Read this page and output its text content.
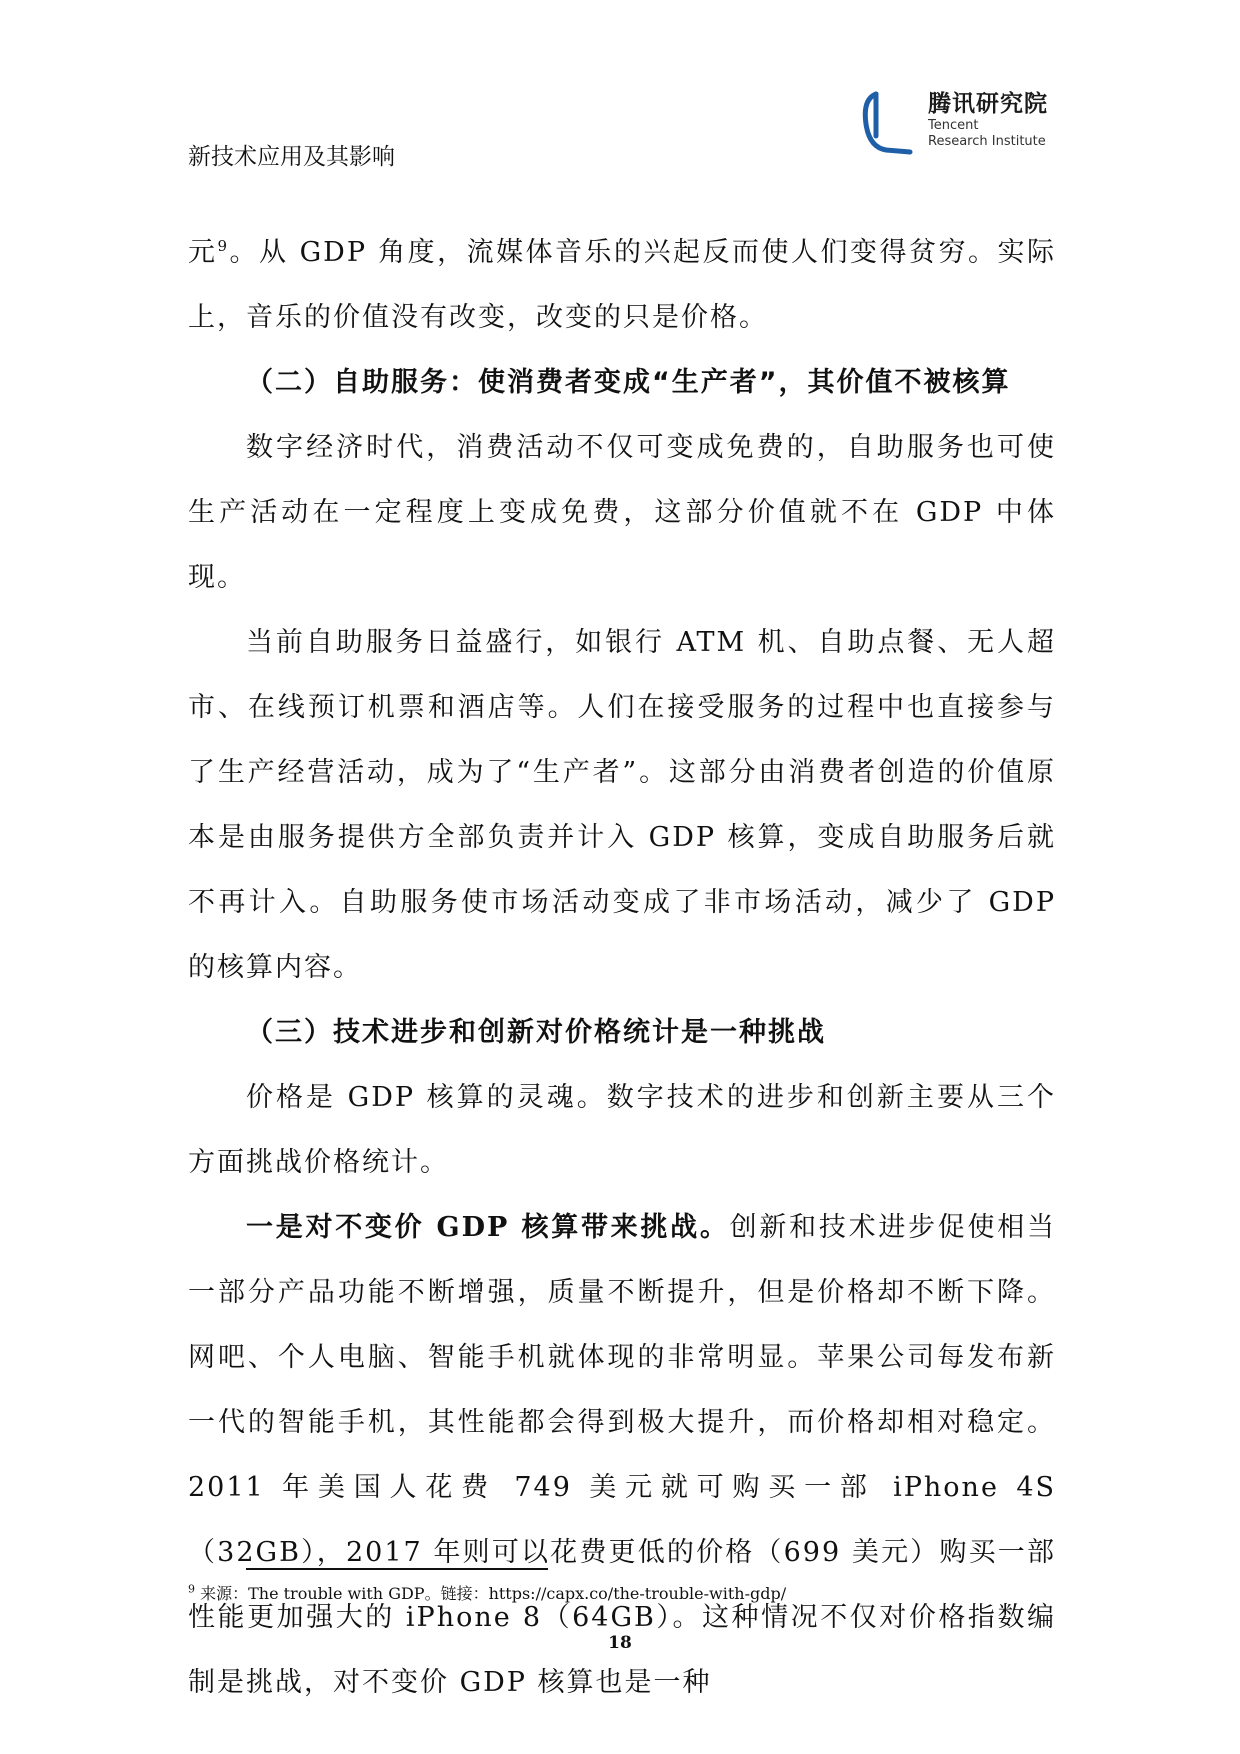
新技术应用及其影响
腾讯研究院
Tencent
Research Institute

元$^9$。从 GDP 角度，流媒体音乐的兴起反而使人们变得贫穷。实际上，音乐的价值没有改变，改变的只是价格。

（二）自助服务：使消费者变成“生产者”，其价值不被核算

数字经济时代，消费活动不仅可变成免费的，自助服务也可使生产活动在一定程度上变成免费，这部分价值就不在 GDP 中体现。

当前自助服务日益盛行，如银行 ATM 机、自助点餐、无人超市、在线预订机票和酒店等。人们在接受服务的过程中也直接参与了生产经营活动，成为了“生产者”。这部分由消费者创造的价值原本是由服务提供方全部负责并计入 GDP 核算，变成自助服务后就不再计入。自助服务使市场活动变成了非市场活动，减少了 GDP 的核算内容。

（三）技术进步和创新对价格统计是一种挑战

价格是 GDP 核算的灵魂。数字技术的进步和创新主要从三个方面挑战价格统计。

一是对不变价 GDP 核算带来挑战。创新和技术进步促使相当一部分产品功能不断增强，质量不断提升，但是价格却不断下降。网吧、个人电脑、智能手机就体现的非常明显。苹果公司每发布新一代的智能手机，其性能都会得到极大提升，而价格却相对稳定。2011 年美国人花费 749 美元就可购买一部 iPhone 4S（32GB），2017 年则可以花费更低的价格（699 美元）购买一部性能更加强大的 iPhone 8（64GB）。这种情况不仅对价格指数编制是挑战，对不变价 GDP 核算也是一种

$^9$ 来源：The trouble with GDP。链接：https://capx.co/the-trouble-with-gdp/
18
